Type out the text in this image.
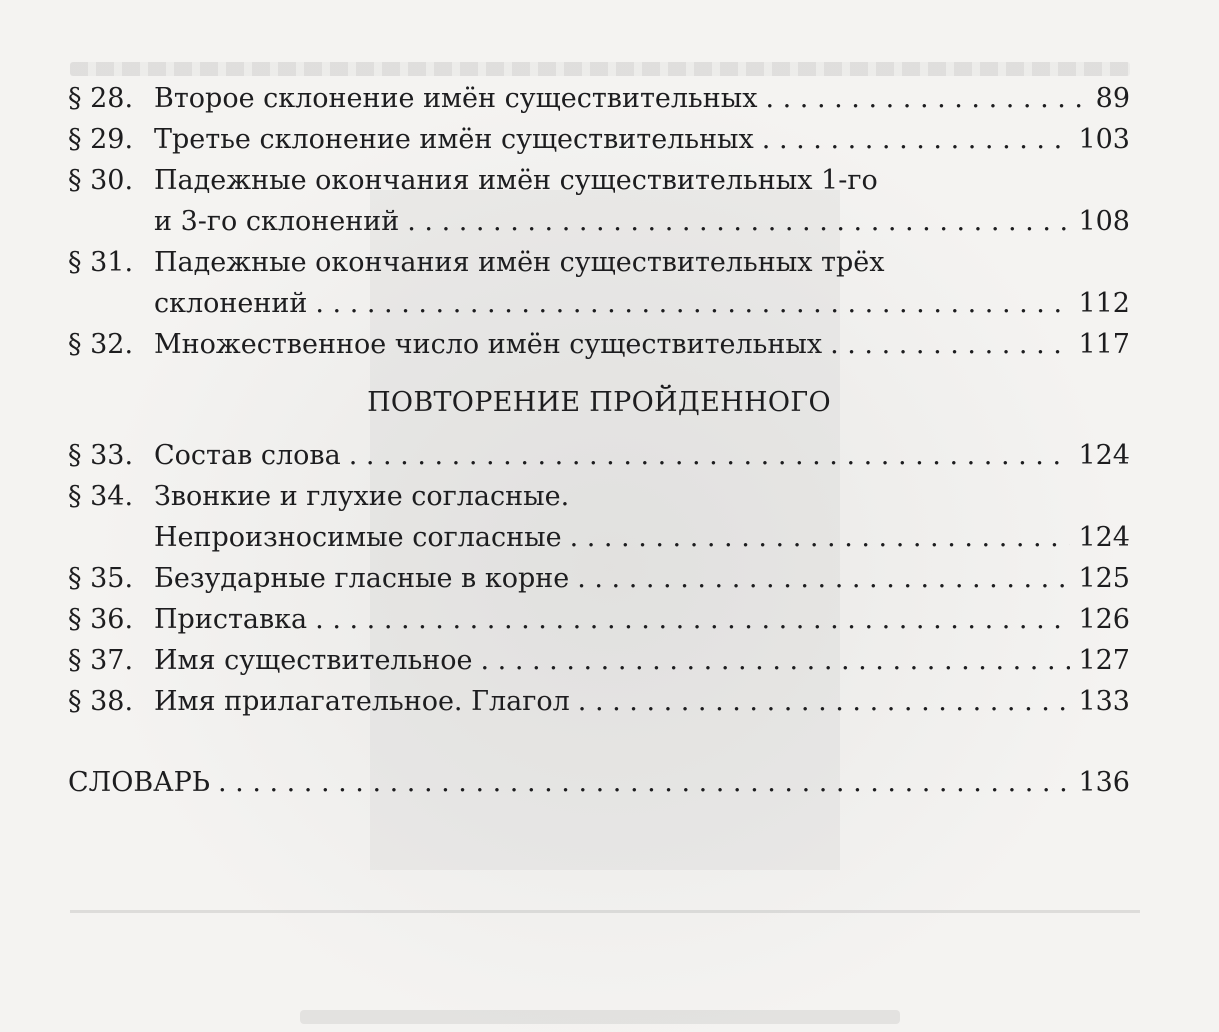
§ 28. Второе склонение имён существительных . . .	89
§ 29. Третье склонение имён существительных . . .	103
§ 30. Падежные окончания имён существительных 1-го
и 3-го склонений . . .	108
§ 31. Падежные окончания имён существительных трёх
склонений . . .	112
§ 32. Множественное число имён существительных . . .	117
ПОВТОРЕНИЕ ПРОЙДЕННОГО
§ 33. Состав слова . . .	124
§ 34. Звонкие и глухие согласные.
Непроизносимые согласные . . .	124
§ 35. Безударные гласные в корне . . .	125
§ 36. Приставка . . .	126
§ 37. Имя существительное . . .	127
§ 38. Имя прилагательное. Глагол . . .	133
СЛОВАРЬ . . .	136
